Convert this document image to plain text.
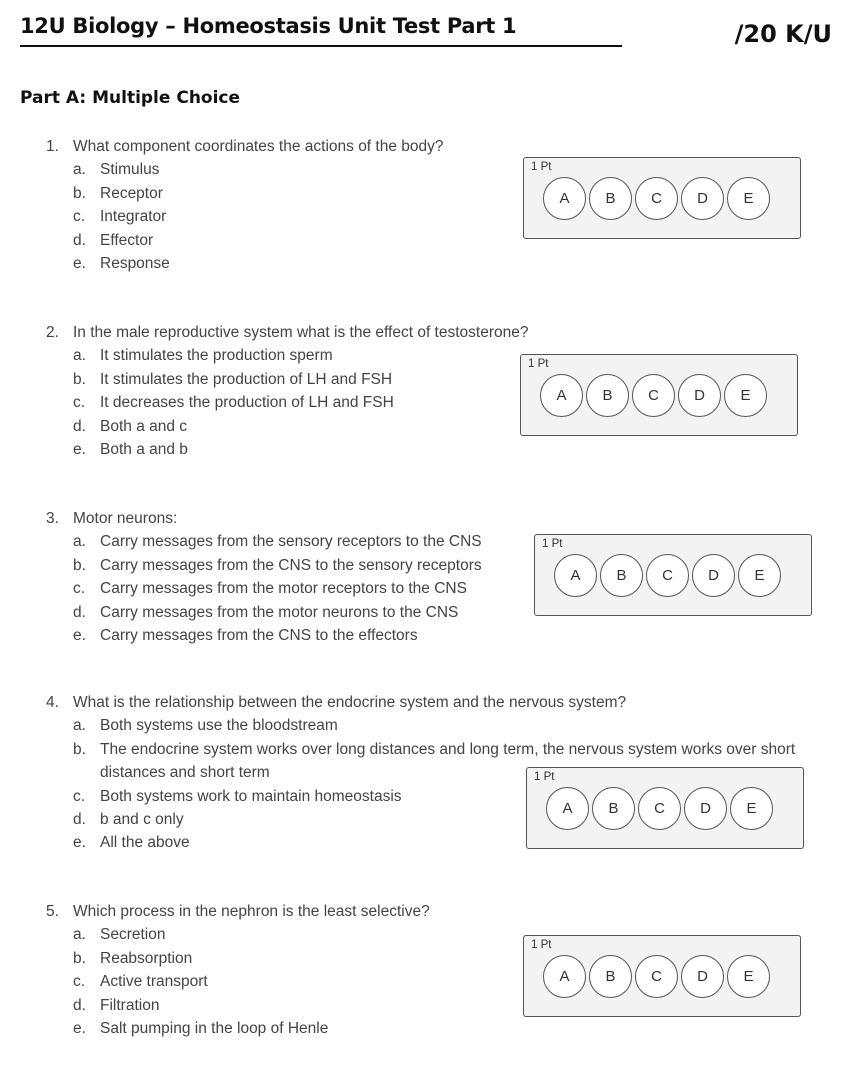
12U Biology – Homeostasis Unit Test Part 1	/20 K/U
Part A: Multiple Choice
1. What component coordinates the actions of the body?
a. Stimulus
b. Receptor
c. Integrator
d. Effector
e. Response
1 Pt
A	B	C	D	E
2. In the male reproductive system what is the effect of testosterone?
a. It stimulates the production sperm
b. It stimulates the production of LH and FSH
c. It decreases the production of LH and FSH
d. Both a and c
e. Both a and b
1 Pt
A	B	C	D	E
3. Motor neurons:
a. Carry messages from the sensory receptors to the CNS
b. Carry messages from the CNS to the sensory receptors
c. Carry messages from the motor receptors to the CNS
d. Carry messages from the motor neurons to the CNS
e. Carry messages from the CNS to the effectors
1 Pt
A	B	C	D	E
4. What is the relationship between the endocrine system and the nervous system?
a. Both systems use the bloodstream
b. The endocrine system works over long distances and long term, the nervous system works over short distances and short term
c. Both systems work to maintain homeostasis
d. b and c only
e. All the above
1 Pt
A	B	C	D	E
5. Which process in the nephron is the least selective?
a. Secretion
b. Reabsorption
c. Active transport
d. Filtration
e. Salt pumping in the loop of Henle
1 Pt
A	B	C	D	E
